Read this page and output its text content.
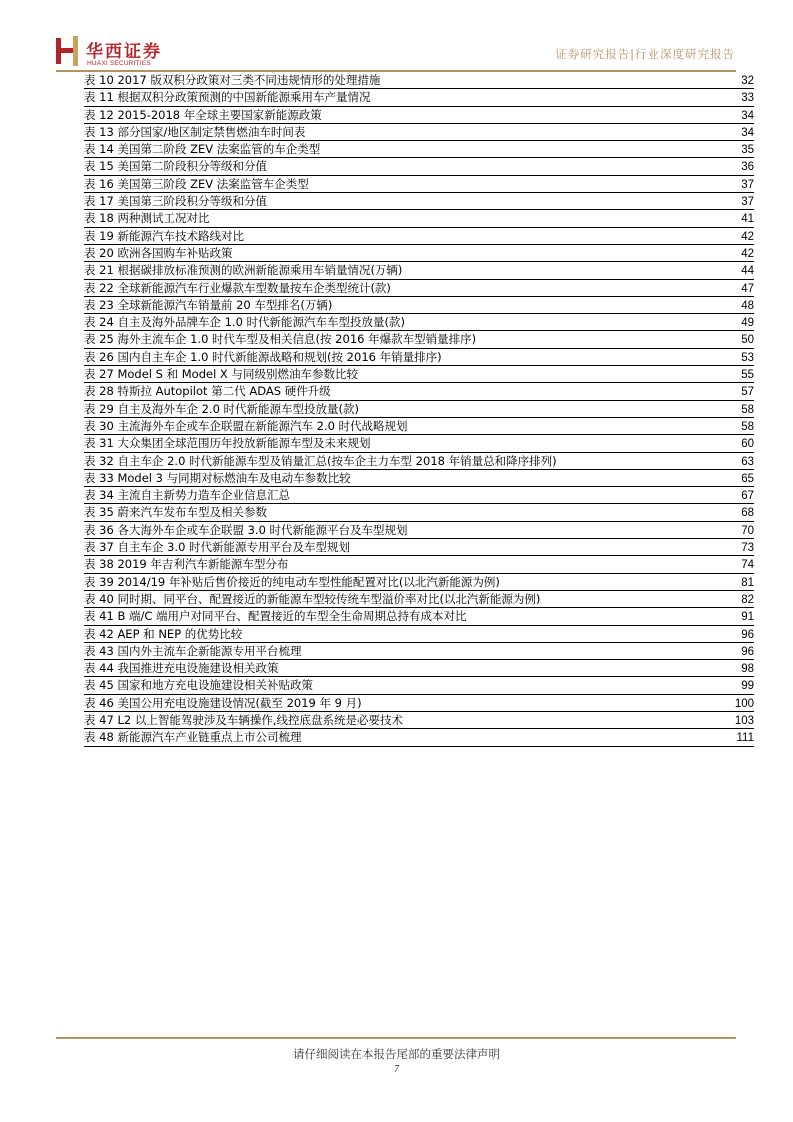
华西证券
HUAXI SECURITIES
证券研究报告|行业深度研究报告
表 10 2017 版双积分政策对三类不同违规情形的处理措施	32
表 11 根据双积分政策预测的中国新能源乘用车产量情况	33
表 12 2015-2018 年全球主要国家新能源政策	34
表 13 部分国家/地区制定禁售燃油车时间表	34
表 14 美国第二阶段 ZEV 法案监管的车企类型	35
表 15 美国第二阶段积分等级和分值	36
表 16 美国第三阶段 ZEV 法案监管车企类型	37
表 17 美国第三阶段积分等级和分值	37
表 18 两种测试工况对比	41
表 19 新能源汽车技术路线对比	42
表 20 欧洲各国购车补贴政策	42
表 21 根据碳排放标准预测的欧洲新能源乘用车销量情况(万辆)	44
表 22 全球新能源汽车行业爆款车型数量按车企类型统计(款)	47
表 23 全球新能源汽车销量前 20 车型排名(万辆)	48
表 24 自主及海外品牌车企 1.0 时代新能源汽车车型投放量(款)	49
表 25 海外主流车企 1.0 时代车型及相关信息(按 2016 年爆款车型销量排序)	50
表 26 国内自主车企 1.0 时代新能源战略和规划(按 2016 年销量排序)	53
表 27 Model S 和 Model X 与同级别燃油车参数比较	55
表 28 特斯拉 Autopilot 第二代 ADAS 硬件升级	57
表 29 自主及海外车企 2.0 时代新能源车型投放量(款)	58
表 30 主流海外车企或车企联盟在新能源汽车 2.0 时代战略规划	58
表 31 大众集团全球范围历年投放新能源车型及未来规划	60
表 32 自主车企 2.0 时代新能源车型及销量汇总(按车企主力车型 2018 年销量总和降序排列)	63
表 33 Model 3 与同期对标燃油车及电动车参数比较	65
表 34 主流自主新势力造车企业信息汇总	67
表 35 蔚来汽车发布车型及相关参数	68
表 36 各大海外车企或车企联盟 3.0 时代新能源平台及车型规划	70
表 37 自主车企 3.0 时代新能源专用平台及车型规划	73
表 38 2019 年吉利汽车新能源车型分布	74
表 39 2014/19 年补贴后售价接近的纯电动车型性能配置对比(以北汽新能源为例)	81
表 40 同时期、同平台、配置接近的新能源车型较传统车型溢价率对比(以北汽新能源为例)	82
表 41 B 端/C 端用户对同平台、配置接近的车型全生命周期总持有成本对比	91
表 42 AEP 和 NEP 的优势比较	96
表 43 国内外主流车企新能源专用平台梳理	96
表 44 我国推进充电设施建设相关政策	98
表 45 国家和地方充电设施建设相关补贴政策	99
表 46 美国公用充电设施建设情况(截至 2019 年 9 月)	100
表 47 L2 以上智能驾驶涉及车辆操作,线控底盘系统是必要技术	103
表 48 新能源汽车产业链重点上市公司梳理	111
请仔细阅读在本报告尾部的重要法律声明
7
